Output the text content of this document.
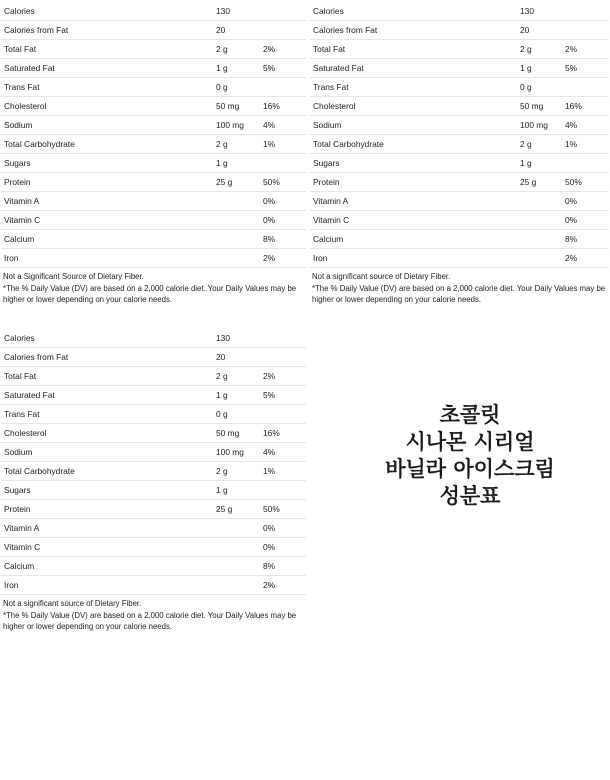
Calories	130	
Calories from Fat	20	
Total Fat	2 g	2%
Saturated Fat	1 g	5%
Trans Fat	0 g	
Cholesterol	50 mg	16%
Sodium	100 mg	4%
Total Carbohydrate	2 g	1%
Sugars	1 g	
Protein	25 g	50%
Vitamin A		0%
Vitamin C		0%
Calcium		8%
Iron		2%
Not a Significant Source of Dietary Fiber.
*The % Daily Value (DV) are based on a 2,000 calorie diet. Your Daily Values may be
higher or lower depending on your calorie needs.
Calories	130	
Calories from Fat	20	
Total Fat	2 g	2%
Saturated Fat	1 g	5%
Trans Fat	0 g	
Cholesterol	50 mg	16%
Sodium	100 mg	4%
Total Carbohydrate	2 g	1%
Sugars	1 g	
Protein	25 g	50%
Vitamin A		0%
Vitamin C		0%
Calcium		8%
Iron		2%
Not a significant source of Dietary Fiber.
*The % Daily Value (DV) are based on a 2,000 calorie diet. Your Daily Values may be
higher or lower depending on your calorie needs.
Calories	130	
Calories from Fat	20	
Total Fat	2 g	2%
Saturated Fat	1 g	5%
Trans Fat	0 g	
Cholesterol	50 mg	16%
Sodium	100 mg	4%
Total Carbohydrate	2 g	1%
Sugars	1 g	
Protein	25 g	50%
Vitamin A		0%
Vitamin C		0%
Calcium		8%
Iron		2%
Not a significant source of Dietary Fiber.
*The % Daily Value (DV) are based on a 2,000 calorie diet. Your Daily Values may be
higher or lower depending on your calorie needs.
초콜릿
시나몬 시리얼
바닐라 아이스크림
성분표
